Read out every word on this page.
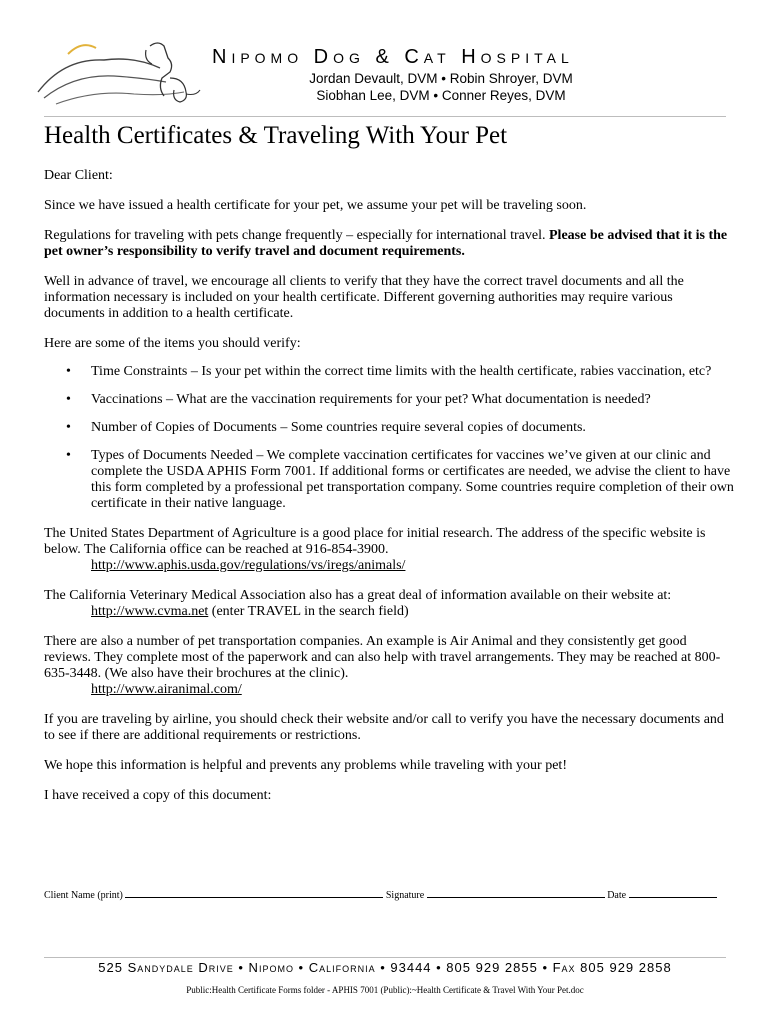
Nipomo Dog & Cat Hospital
Jordan Devault, DVM • Robin Shroyer, DVM
Siobhan Lee, DVM • Conner Reyes, DVM
Health Certificates & Traveling With Your Pet

Dear Client:

Since we have issued a health certificate for your pet, we assume your pet will be traveling soon.

Regulations for traveling with pets change frequently – especially for international travel. Please be advised that it is the pet owner’s responsibility to verify travel and document requirements.

Well in advance of travel, we encourage all clients to verify that they have the correct travel documents and all the information necessary is included on your health certificate. Different governing authorities may require various documents in addition to a health certificate.

Here are some of the items you should verify:

• Time Constraints – Is your pet within the correct time limits with the health certificate, rabies vaccination, etc?
• Vaccinations – What are the vaccination requirements for your pet? What documentation is needed?
• Number of Copies of Documents – Some countries require several copies of documents.
• Types of Documents Needed – We complete vaccination certificates for vaccines we’ve given at our clinic and complete the USDA APHIS Form 7001. If additional forms or certificates are needed, we advise the client to have this form completed by a professional pet transportation company. Some countries require completion of their own certificate in their native language.

The United States Department of Agriculture is a good place for initial research. The address of the specific website is below. The California office can be reached at 916-854-3900.
http://www.aphis.usda.gov/regulations/vs/iregs/animals/

The California Veterinary Medical Association also has a great deal of information available on their website at:
http://www.cvma.net (enter TRAVEL in the search field)

There are also a number of pet transportation companies. An example is Air Animal and they consistently get good reviews. They complete most of the paperwork and can also help with travel arrangements. They may be reached at 800-635-3448. (We also have their brochures at the clinic).
http://www.airanimal.com/

If you are traveling by airline, you should check their website and/or call to verify you have the necessary documents and to see if there are additional requirements or restrictions.

We hope this information is helpful and prevents any problems while traveling with your pet!

I have received a copy of this document:

Client Name (print)	Signature	Date
525 Sandydale Drive • Nipomo • California • 93444 • 805 929 2855 • Fax 805 929 2858
Public:Health Certificate Forms folder - APHIS 7001 (Public):~Health Certificate & Travel With Your Pet.doc
